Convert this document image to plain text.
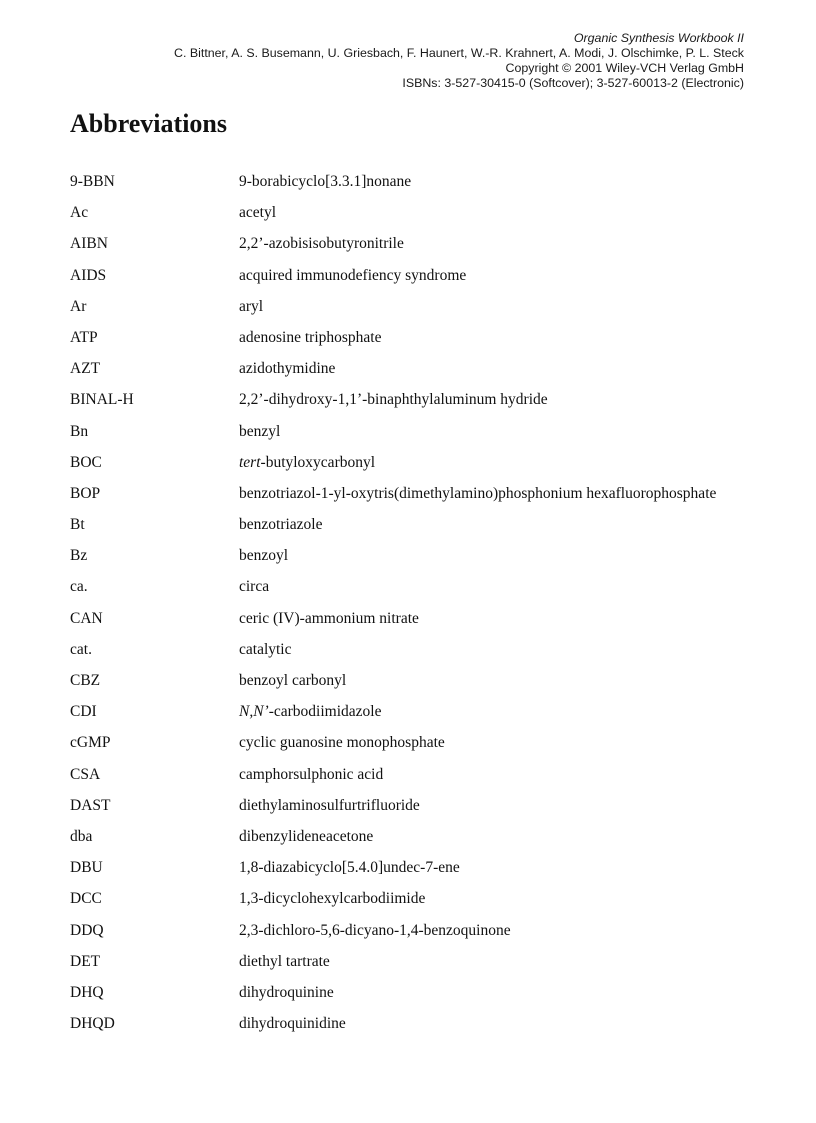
Organic Synthesis Workbook II
C. Bittner, A. S. Busemann, U. Griesbach, F. Haunert, W.-R. Krahnert, A. Modi, J. Olschimke, P. L. Steck
Copyright © 2001 Wiley-VCH Verlag GmbH
ISBNs: 3-527-30415-0 (Softcover); 3-527-60013-2 (Electronic)
Abbreviations
9-BBN	9-borabicyclo[3.3.1]nonane
Ac	acetyl
AIBN	2,2’-azobisisobutyronitrile
AIDS	acquired immunodefiency syndrome
Ar	aryl
ATP	adenosine triphosphate
AZT	azidothymidine
BINAL-H	2,2’-dihydroxy-1,1’-binaphthylaluminum hydride
Bn	benzyl
BOC	tert-butyloxycarbonyl
BOP	benzotriazol-1-yl-oxytris(dimethylamino)phosphonium hexafluorophosphate
Bt	benzotriazole
Bz	benzoyl
ca.	circa
CAN	ceric (IV)-ammonium nitrate
cat.	catalytic
CBZ	benzoyl carbonyl
CDI	N,N’-carbodiimidazole
cGMP	cyclic guanosine monophosphate
CSA	camphorsulphonic acid
DAST	diethylaminosulfurtrifluoride
dba	dibenzylideneacetone
DBU	1,8-diazabicyclo[5.4.0]undec-7-ene
DCC	1,3-dicyclohexylcarbodiimide
DDQ	2,3-dichloro-5,6-dicyano-1,4-benzoquinone
DET	diethyl tartrate
DHQ	dihydroquinine
DHQD	dihydroquinidine
